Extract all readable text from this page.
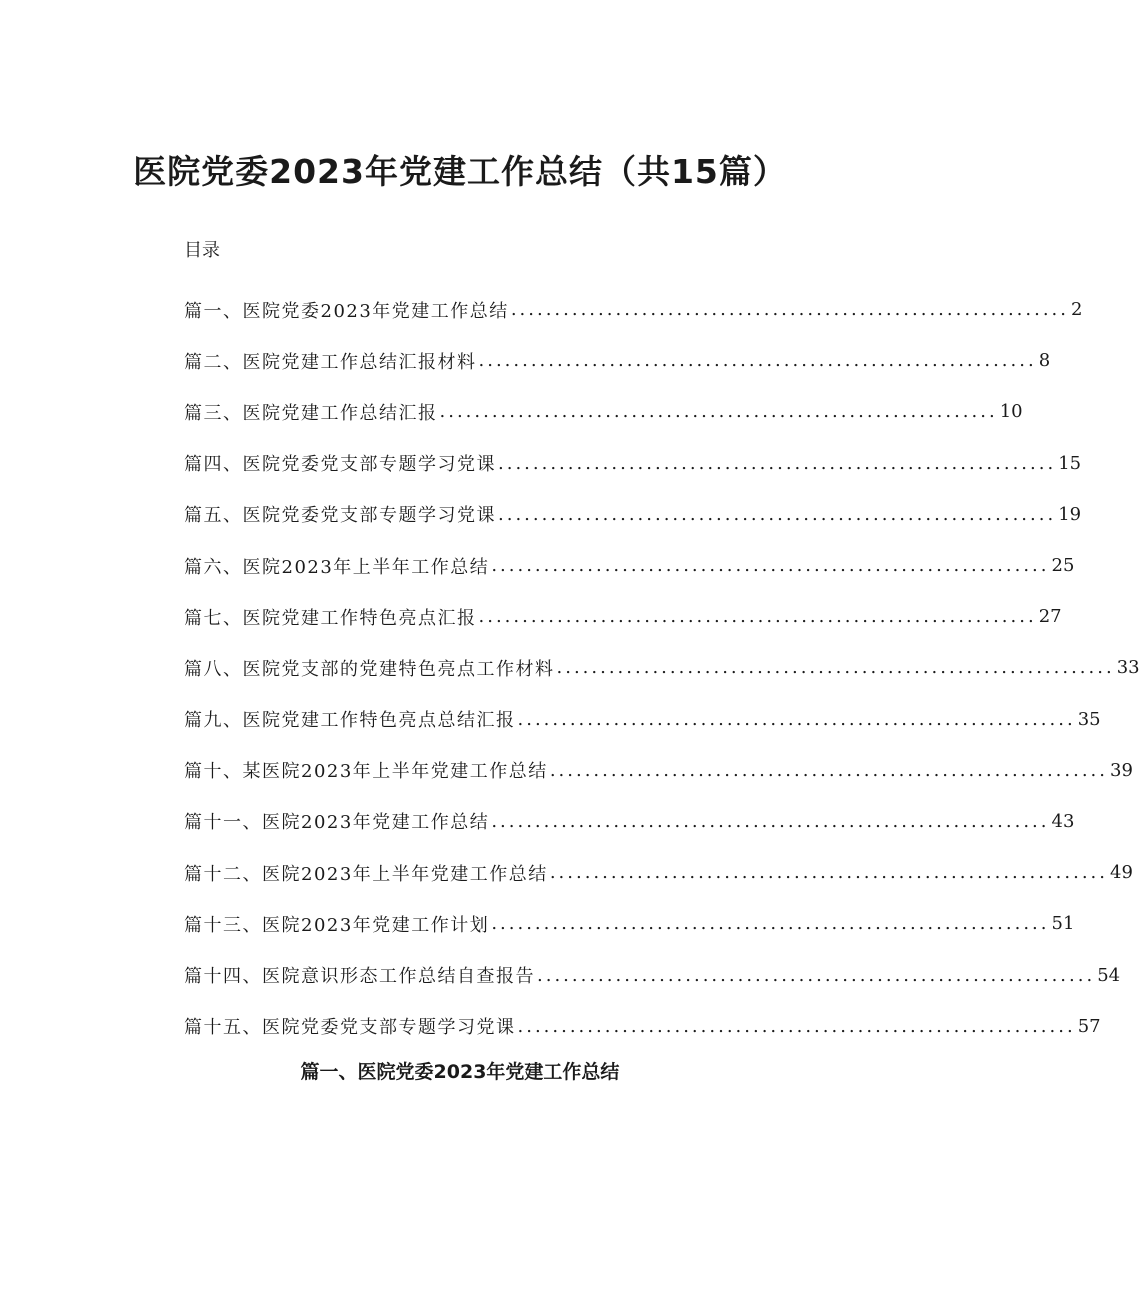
医院党委2023年党建工作总结（共15篇）
目录
篇一、医院党委2023年党建工作总结 ................................................................ 2
篇二、医院党建工作总结汇报材料 ................................................................ 8
篇三、医院党建工作总结汇报 ................................................................ 10
篇四、医院党委党支部专题学习党课 ................................................................ 15
篇五、医院党委党支部专题学习党课 ................................................................ 19
篇六、医院2023年上半年工作总结 ................................................................ 25
篇七、医院党建工作特色亮点汇报 ................................................................ 27
篇八、医院党支部的党建特色亮点工作材料 ................................................................ 33
篇九、医院党建工作特色亮点总结汇报 ................................................................ 35
篇十、某医院2023年上半年党建工作总结 ................................................................ 39
篇十一、医院2023年党建工作总结 ................................................................ 43
篇十二、医院2023年上半年党建工作总结 ................................................................ 49
篇十三、医院2023年党建工作计划 ................................................................ 51
篇十四、医院意识形态工作总结自查报告 ................................................................ 54
篇十五、医院党委党支部专题学习党课 ................................................................ 57
篇一、医院党委2023年党建工作总结
